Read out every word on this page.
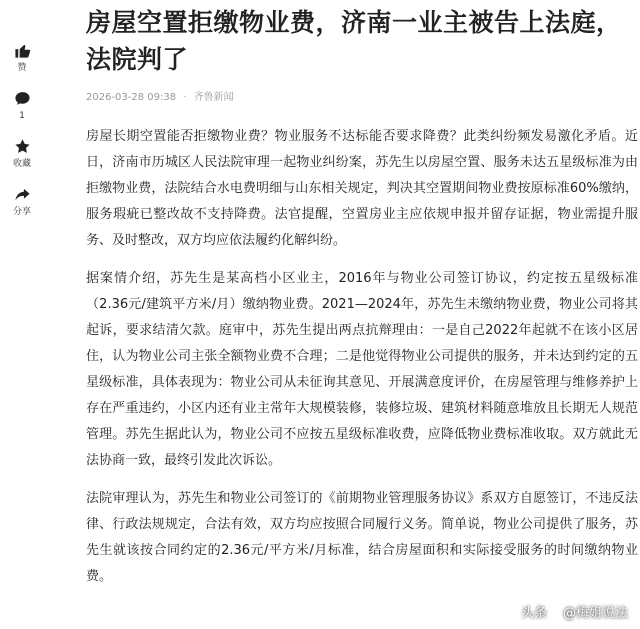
赞
1
收藏
分享
房屋空置拒缴物业费，济南一业主被告上法庭，法院判了
2026-03-28 09:38 · 齐鲁新闻

房屋长期空置能否拒缴物业费？物业服务不达标能否要求降费？此类纠纷频发易激化矛盾。近日，济南市历城区人民法院审理一起物业纠纷案，苏先生以房屋空置、服务未达五星级标准为由拒缴物业费，法院结合水电费明细与山东相关规定，判决其空置期间物业费按原标准60%缴纳，服务瑕疵已整改故不支持降费。法官提醒，空置房业主应依规申报并留存证据，物业需提升服务、及时整改，双方均应依法履约化解纠纷。

据案情介绍，苏先生是某高档小区业主，2016年与物业公司签订协议，约定按五星级标准（2.36元/建筑平方米/月）缴纳物业费。2021—2024年，苏先生未缴纳物业费，物业公司将其起诉，要求结清欠款。庭审中，苏先生提出两点抗辩理由：一是自己2022年起就不在该小区居住，认为物业公司主张全额物业费不合理；二是他觉得物业公司提供的服务，并未达到约定的五星级标准，具体表现为：物业公司从未征询其意见、开展满意度评价，在房屋管理与维修养护上存在严重违约，小区内还有业主常年大规模装修，装修垃圾、建筑材料随意堆放且长期无人规范管理。苏先生据此认为，物业公司不应按五星级标准收费，应降低物业费标准收取。双方就此无法协商一致，最终引发此次诉讼。

法院审理认为，苏先生和物业公司签订的《前期物业管理服务协议》系双方自愿签订，不违反法律、行政法规规定，合法有效，双方均应按照合同履行义务。简单说，物业公司提供了服务，苏先生就该按合同约定的2.36元/平方米/月标准，结合房屋面积和实际接受服务的时间缴纳物业费。

头条 @梅姐说法
